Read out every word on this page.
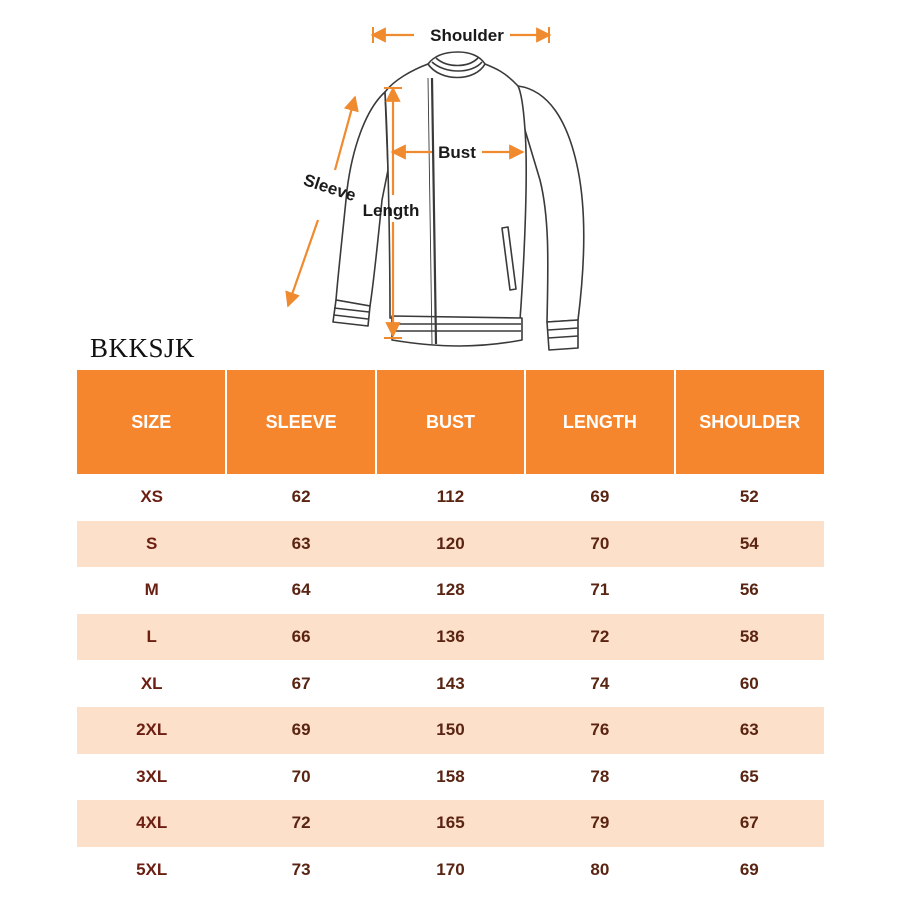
Shoulder
Bust
Length
Sleeve
BKKSJK
SIZE	SLEEVE	BUST	LENGTH	SHOULDER
XS	62	112	69	52
S	63	120	70	54
M	64	128	71	56
L	66	136	72	58
XL	67	143	74	60
2XL	69	150	76	63
3XL	70	158	78	65
4XL	72	165	79	67
5XL	73	170	80	69
